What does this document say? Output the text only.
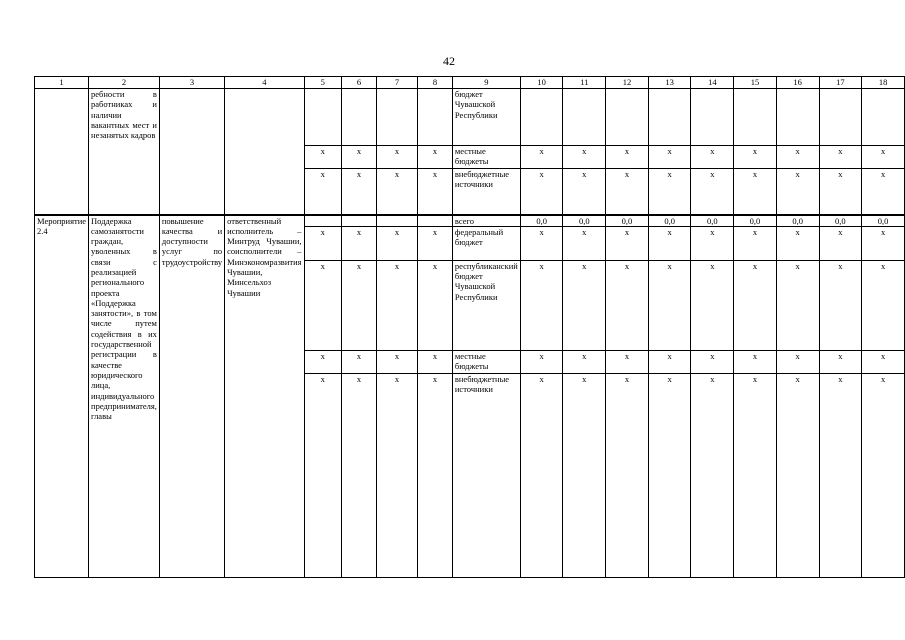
42
1	2	3	4	5	6	7	8	9	10	11	12	13	14	15	16	17	18
	ребности в работниках и наличии вакантных мест и незанятых кадров							бюджет Чувашской Республики									
				x	x	x	x	местные бюджеты	x	x	x	x	x	x	x	x	x
				x	x	x	x	внебюджетные источники	x	x	x	x	x	x	x	x	x
Мероприятие 2.4	Поддержка самозанятости граждан, уволенных в связи с реализацией регионального проекта «Поддержка занятости», в том числе путем содействия в их государственной регистрации в качестве юридического лица, индивидуального предпринимателя, главы	повышение качества и доступности услуг по трудоустройству	ответственный исполнитель – Минтруд Чувашии, соисполнители – Минэкономразвития Чувашии, Минсельхоз Чувашии					всего	0,0	0,0	0,0	0,0	0,0	0,0	0,0	0,0	0,0
				x	x	x	x	федеральный бюджет	x	x	x	x	x	x	x	x	x
				x	x	x	x	республиканский бюджет Чувашской Республики	x	x	x	x	x	x	x	x	x
				x	x	x	x	местные бюджеты	x	x	x	x	x	x	x	x	x
				x	x	x	x	внебюджетные источники	x	x	x	x	x	x	x	x	x
